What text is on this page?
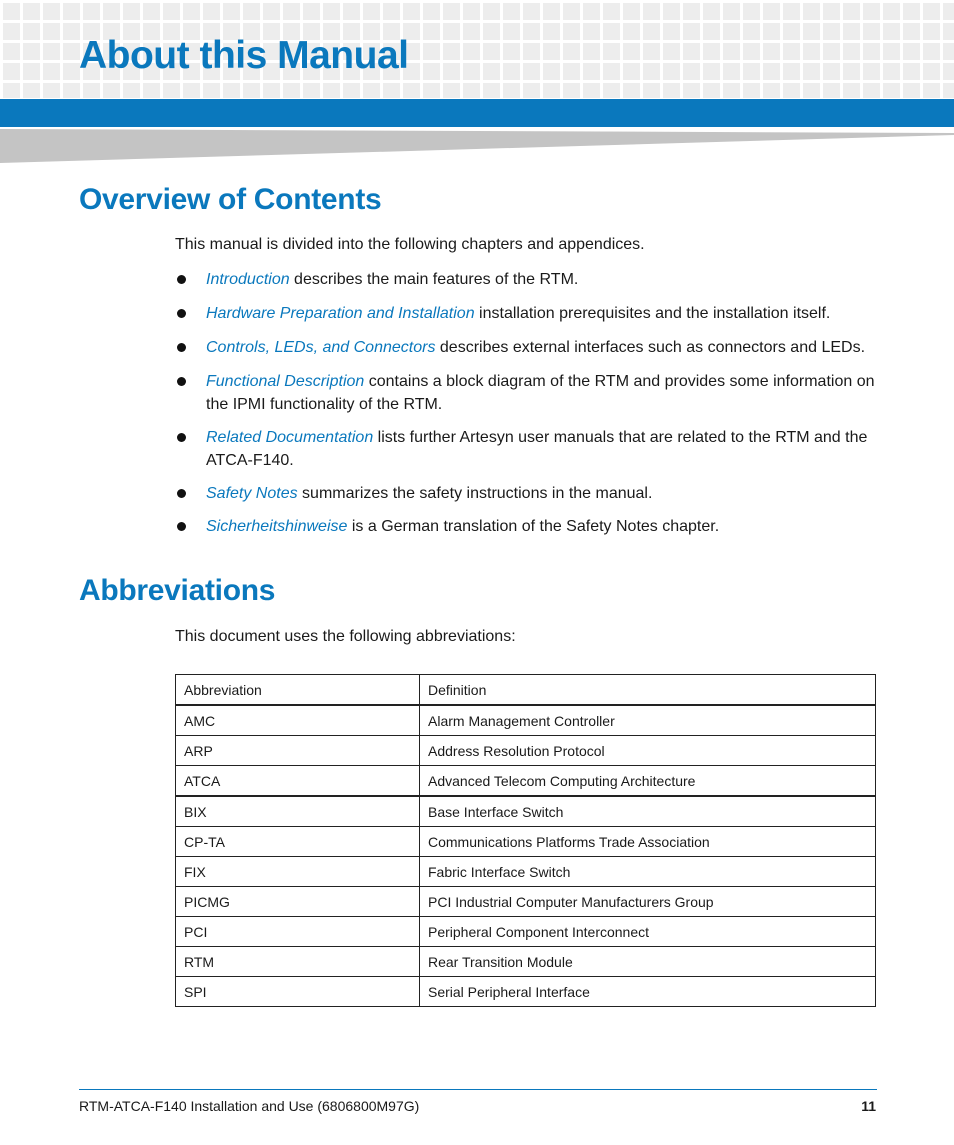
About this Manual
Overview of Contents

This manual is divided into the following chapters and appendices.

Introduction describes the main features of the RTM.
Hardware Preparation and Installation installation prerequisites and the installation itself.
Controls, LEDs, and Connectors describes external interfaces such as connectors and LEDs.
Functional Description contains a block diagram of the RTM and provides some information on the IPMI functionality of the RTM.
Related Documentation lists further Artesyn user manuals that are related to the RTM and the ATCA-F140.
Safety Notes summarizes the safety instructions in the manual.
Sicherheitshinweise is a German translation of the Safety Notes chapter.
Abbreviations

This document uses the following abbreviations:

Abbreviation	Definition
AMC	Alarm Management Controller
ARP	Address Resolution Protocol
ATCA	Advanced Telecom Computing Architecture
BIX	Base Interface Switch
CP-TA	Communications Platforms Trade Association
FIX	Fabric Interface Switch
PICMG	PCI Industrial Computer Manufacturers Group
PCI	Peripheral Component Interconnect
RTM	Rear Transition Module
SPI	Serial Peripheral Interface
RTM-ATCA-F140 Installation and Use (6806800M97G)	11
